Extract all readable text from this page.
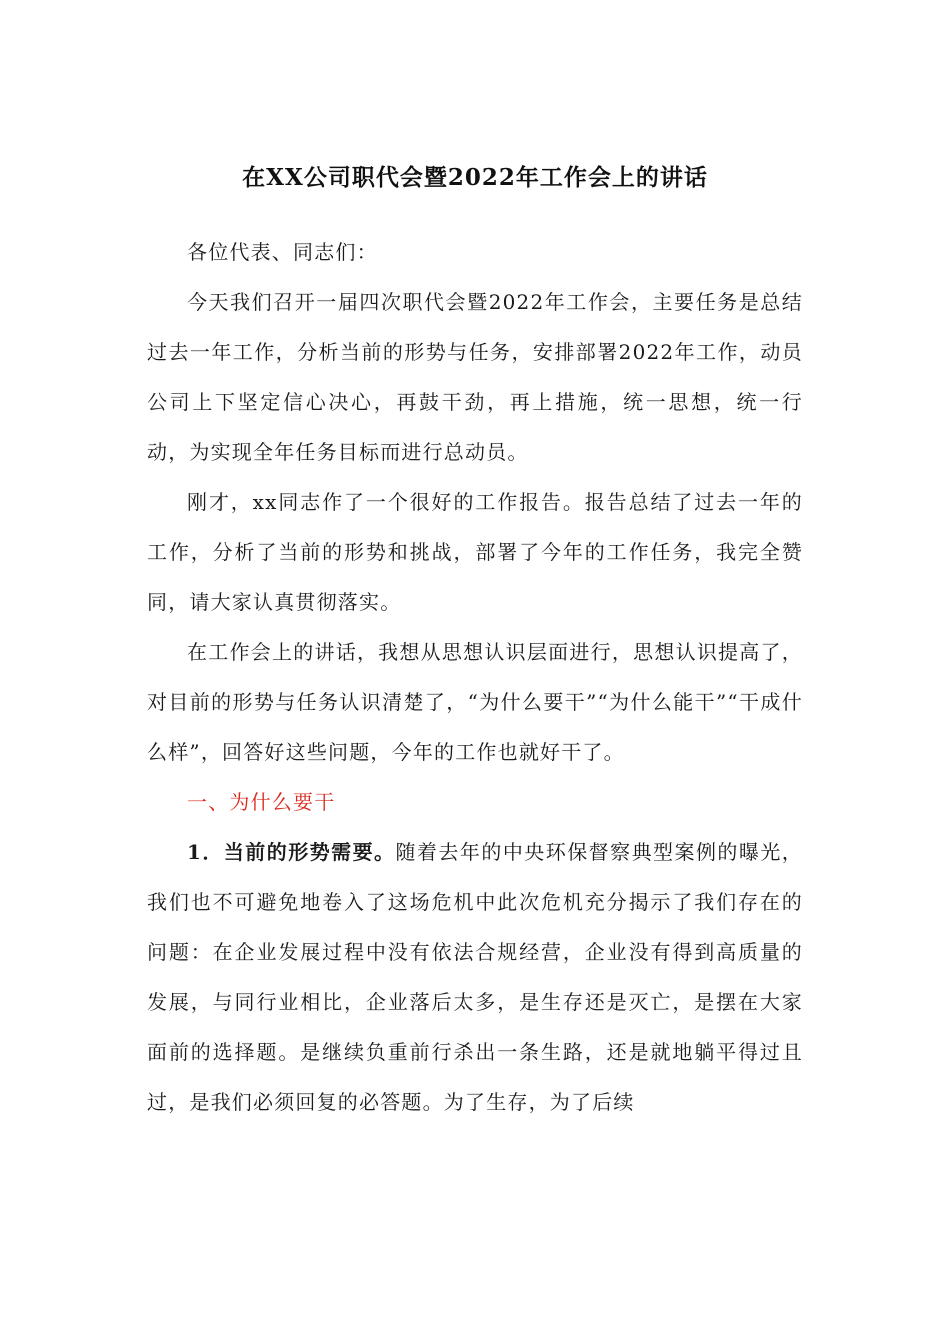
在XX公司职代会暨2022年工作会上的讲话

各位代表、同志们：

今天我们召开一届四次职代会暨2022年工作会，主要任务是总结过去一年工作，分析当前的形势与任务，安排部署2022年工作，动员公司上下坚定信心决心，再鼓干劲，再上措施，统一思想，统一行动，为实现全年任务目标而进行总动员。

刚才，xx同志作了一个很好的工作报告。报告总结了过去一年的工作，分析了当前的形势和挑战，部署了今年的工作任务，我完全赞同，请大家认真贯彻落实。

在工作会上的讲话，我想从思想认识层面进行，思想认识提高了，对目前的形势与任务认识清楚了，“为什么要干”“为什么能干”“干成什么样”，回答好这些问题，今年的工作也就好干了。

一、为什么要干

1．当前的形势需要。随着去年的中央环保督察典型案例的曝光，我们也不可避免地卷入了这场危机中此次危机充分揭示了我们存在的问题：在企业发展过程中没有依法合规经营，企业没有得到高质量的发展，与同行业相比，企业落后太多，是生存还是灭亡，是摆在大家面前的选择题。是继续负重前行杀出一条生路，还是就地躺平得过且过，是我们必须回复的必答题。为了生存，为了后续
